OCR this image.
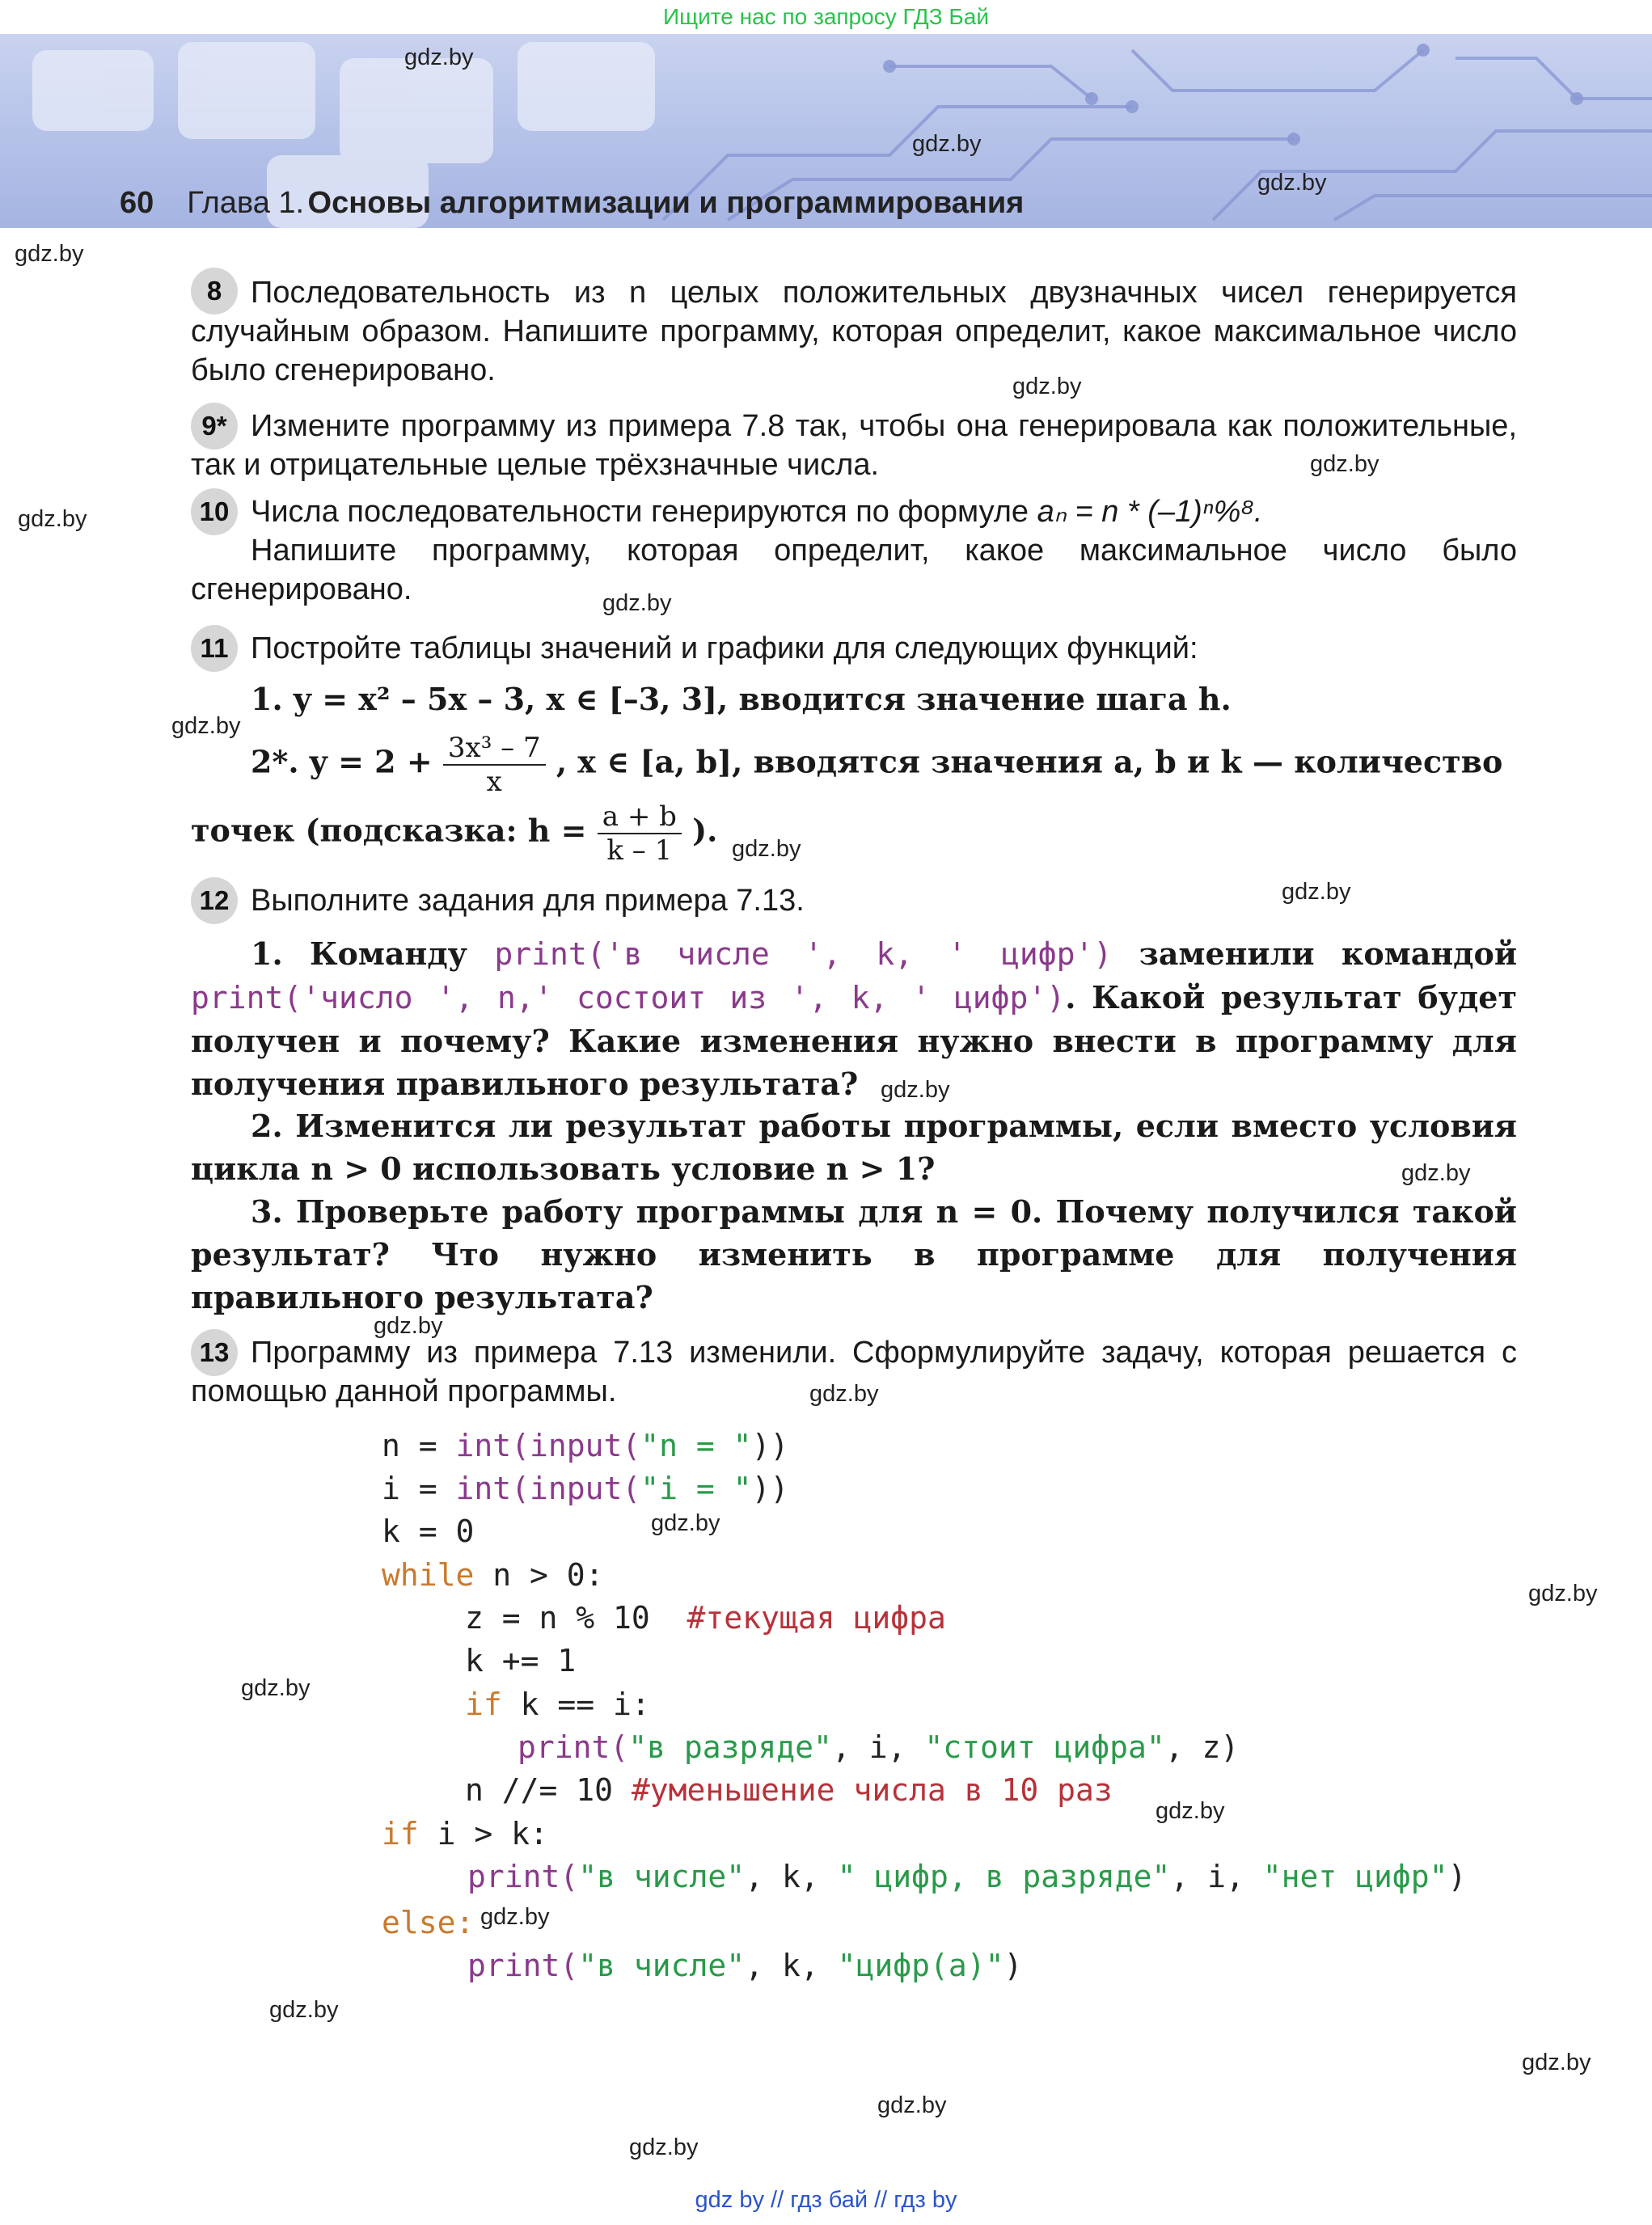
Ищите нас по запросу ГДЗ Бай
60 Глава 1. Основы алгоритмизации и программирования
gdz.by
gdz.by
gdz.by
gdz.by
gdz.by
gdz.by
gdz.by
gdz.by
gdz.by
gdz.by
gdz.by
gdz.by
gdz.by
gdz.by
gdz.by
gdz.by
gdz.by
gdz.by
gdz.by
gdz.by
gdz.by
gdz.by
gdz.by
gdz.by
8 Последовательность из n целых положительных двузначных чисел генерируется случайным образом. Напишите программу, которая определит, какое максимальное число было сгенерировано.
9* Измените программу из примера 7.8 так, чтобы она генерировала как положительные, так и отрицательные целые трёхзначные числа.
10 Числа последовательности генерируются по формуле aₙ = n * (–1)ⁿ%⁸.
Напишите программу, которая определит, какое максимальное число было сгенерировано.
11 Постройте таблицы значений и графики для следующих функций:
1. y = x² – 5x – 3, x ∈ [–3, 3], вводится значение шага h.
2*. $y = 2 + \frac{\text{3x³ – 7}}{x}$ , x ∈ [a, b], вводятся значения a, b и k — количество
точек (подсказка: $h = \frac{a + b}{k - 1}$ ).
12 Выполните задания для примера 7.13.
1. Команду print('в числе ', k, ' цифр') заменили командой print('число ', n,' состоит из ', k, ' цифр'). Какой результат будет получен и почему? Какие изменения нужно внести в программу для получения правильного результата?
2. Изменится ли результат работы программы, если вместо условия цикла n > 0 использовать условие n > 1?
3. Проверьте работу программы для n = 0. Почему получился такой результат? Что нужно изменить в программе для получения правильного результата?
13 Программу из примера 7.13 изменили. Сформулируйте задачу, которая решается с помощью данной программы.
n = int(input("n = "))
i = int(input("i = "))
k = 0
while n > 0:
z = n % 10  #текущая цифра
k += 1
if k == i:
print("в разряде", i, "стоит цифра", z)
n //= 10 #уменьшение числа в 10 раз
if i > k:
print("в числе", k, " цифр, в разряде", i, "нет цифр")
else:
print("в числе", k, "цифр(а)")
gdz by // гдз бай // гдз by
